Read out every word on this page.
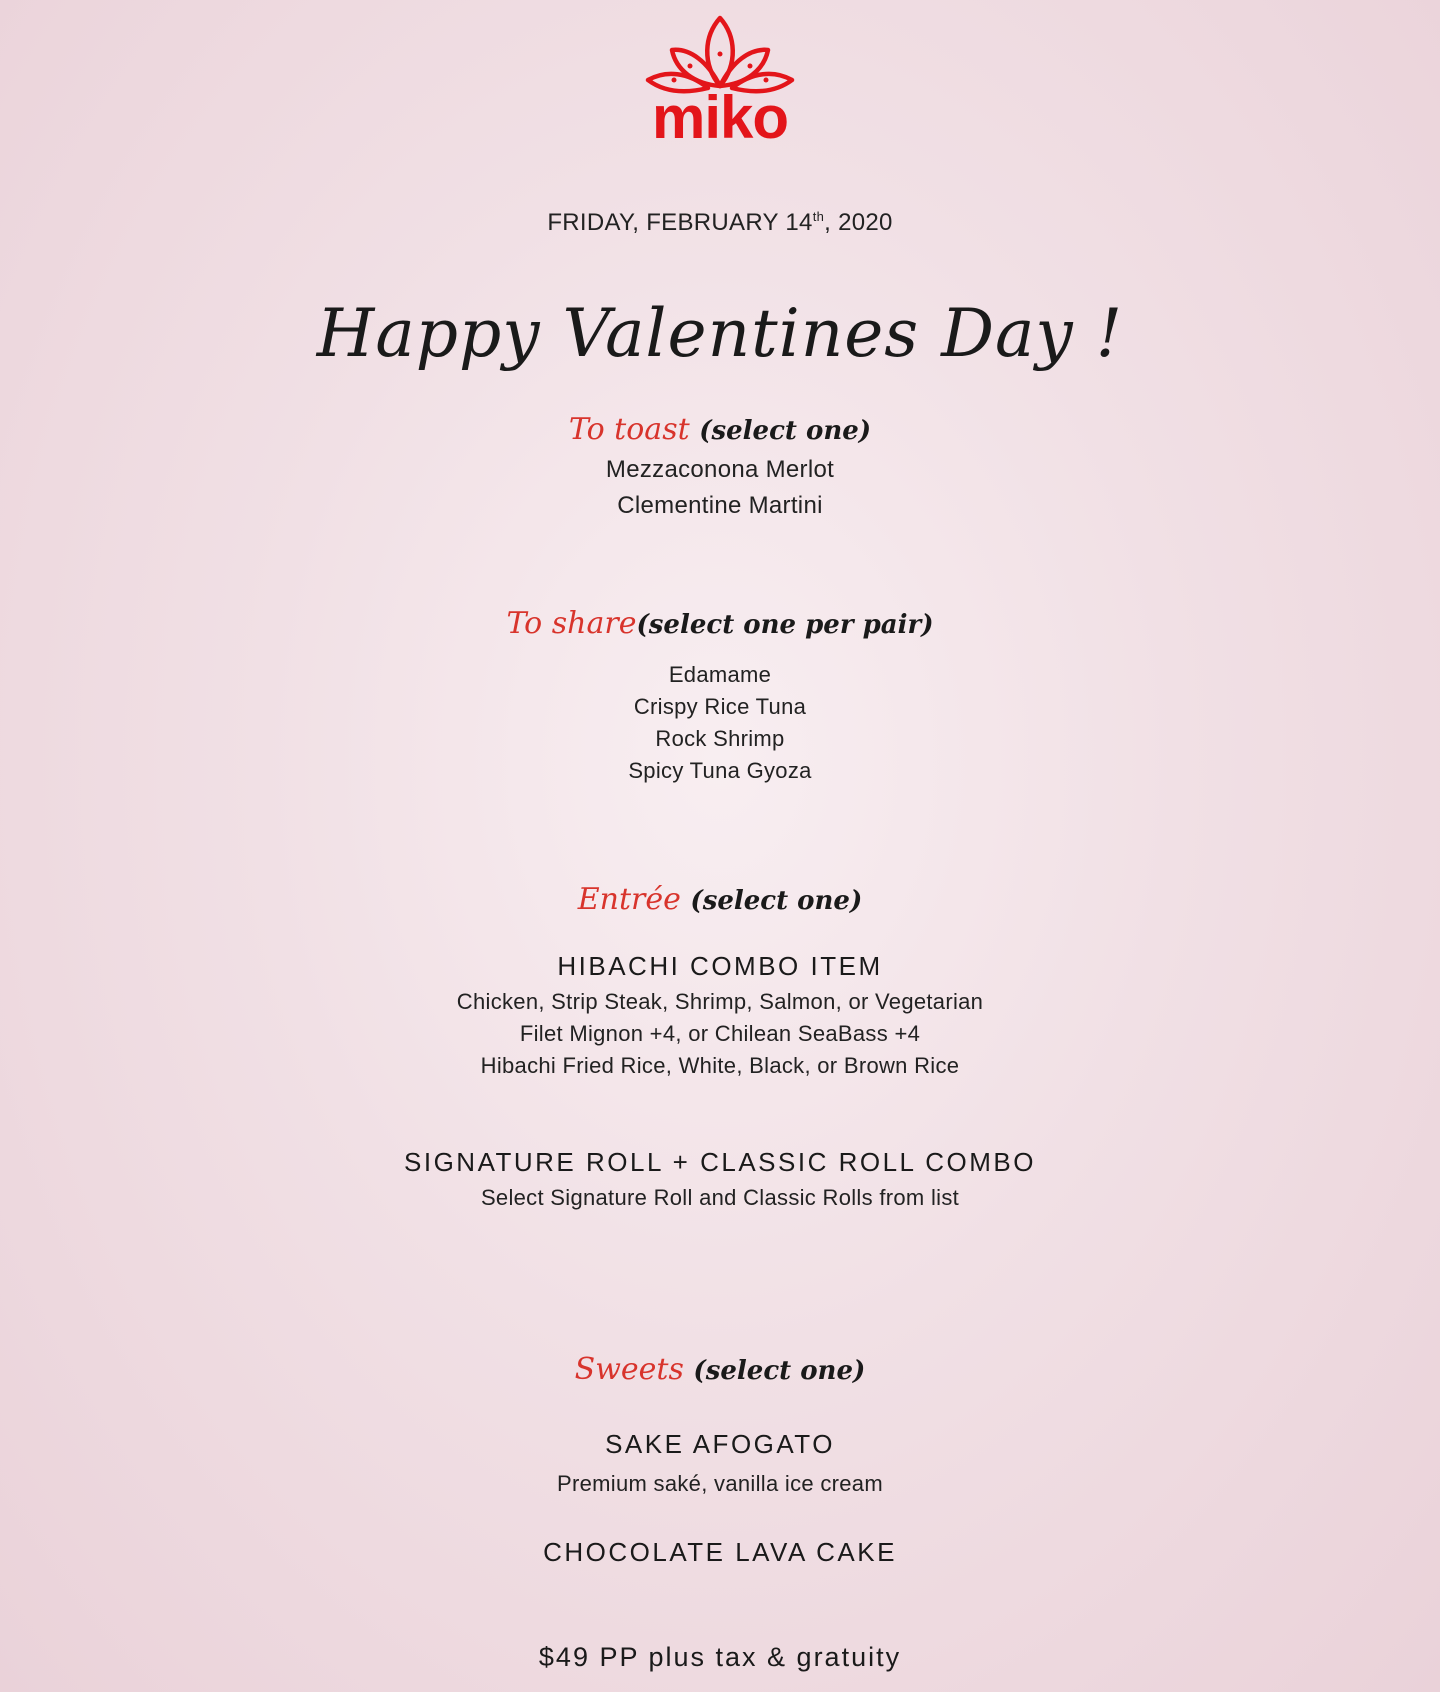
miko
FRIDAY, FEBRUARY 14th, 2020
Happy Valentines Day !
To toast (select one)
Mezzaconona Merlot
Clementine Martini
To share(select one per pair)
Edamame
Crispy Rice Tuna
Rock Shrimp
Spicy Tuna Gyoza
Entrée (select one)
HIBACHI COMBO ITEM
Chicken, Strip Steak, Shrimp, Salmon, or Vegetarian
Filet Mignon +4, or Chilean SeaBass +4
Hibachi Fried Rice, White, Black, or Brown Rice
SIGNATURE ROLL + CLASSIC ROLL COMBO
Select Signature Roll and Classic Rolls from list
Sweets (select one)
SAKE AFOGATO
Premium saké, vanilla ice cream
CHOCOLATE LAVA CAKE
$49 PP plus tax & gratuity
